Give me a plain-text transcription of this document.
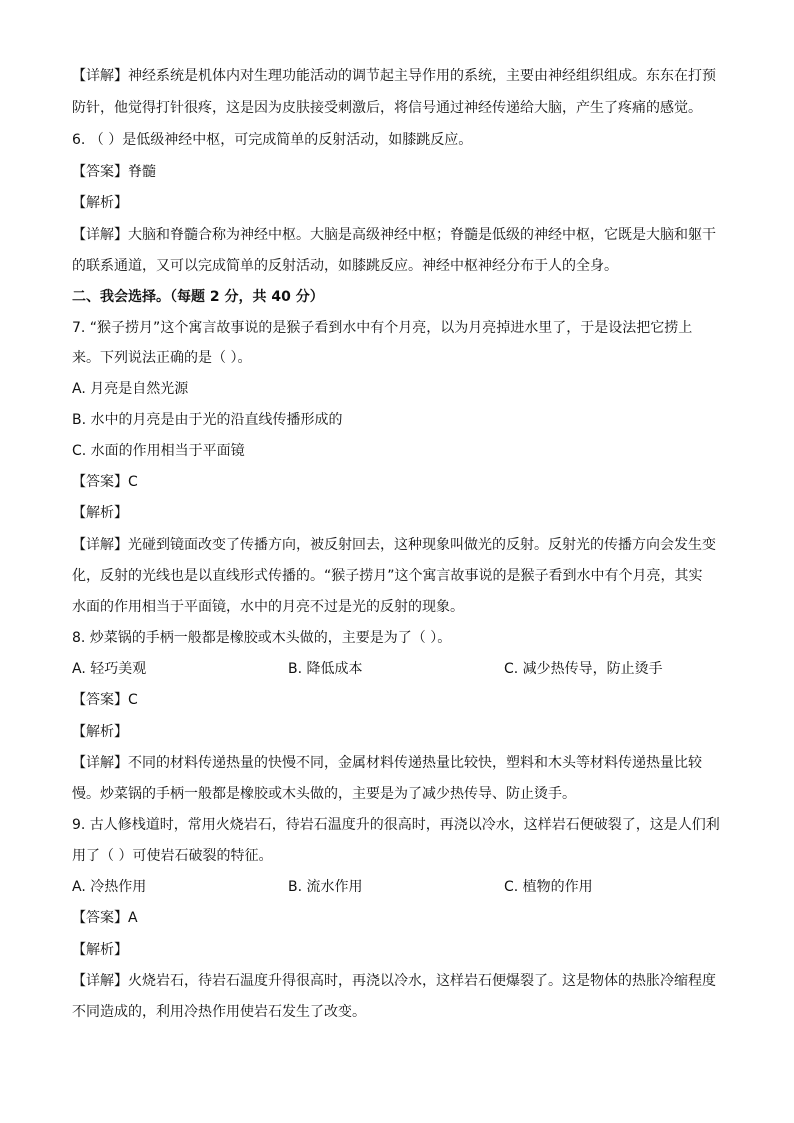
【详解】神经系统是机体内对生理功能活动的调节起主导作用的系统，主要由神经组织组成。东东在打预
防针，他觉得打针很疼，这是因为皮肤接受刺激后，将信号通过神经传递给大脑，产生了疼痛的感觉。
6. （ ）是低级神经中枢，可完成简单的反射活动，如膝跳反应。
【答案】脊髓
【解析】
【详解】大脑和脊髓合称为神经中枢。大脑是高级神经中枢；脊髓是低级的神经中枢，它既是大脑和躯干
的联系通道，又可以完成简单的反射活动，如膝跳反应。神经中枢神经分布于人的全身。
二、我会选择。（每题 2 分，共 40 分）
7. “猴子捞月”这个寓言故事说的是猴子看到水中有个月亮，以为月亮掉进水里了，于是设法把它捞上
来。下列说法正确的是（ ）。
A. 月亮是自然光源
B. 水中的月亮是由于光的沿直线传播形成的
C. 水面的作用相当于平面镜
【答案】C
【解析】
【详解】光碰到镜面改变了传播方向，被反射回去，这种现象叫做光的反射。反射光的传播方向会发生变
化，反射的光线也是以直线形式传播的。“猴子捞月”这个寓言故事说的是猴子看到水中有个月亮，其实
水面的作用相当于平面镜，水中的月亮不过是光的反射的现象。
8. 炒菜锅的手柄一般都是橡胶或木头做的，主要是为了（ ）。
A. 轻巧美观	B. 降低成本	C. 减少热传导，防止烫手
【答案】C
【解析】
【详解】不同的材料传递热量的快慢不同，金属材料传递热量比较快，塑料和木头等材料传递热量比较
慢。炒菜锅的手柄一般都是橡胶或木头做的，主要是为了减少热传导、防止烫手。
9. 古人修栈道时，常用火烧岩石，待岩石温度升的很高时，再浇以冷水，这样岩石便破裂了，这是人们利
用了（ ）可使岩石破裂的特征。
A. 冷热作用	B. 流水作用	C. 植物的作用
【答案】A
【解析】
【详解】火烧岩石，待岩石温度升得很高时，再浇以冷水，这样岩石便爆裂了。这是物体的热胀冷缩程度
不同造成的，利用冷热作用使岩石发生了改变。
